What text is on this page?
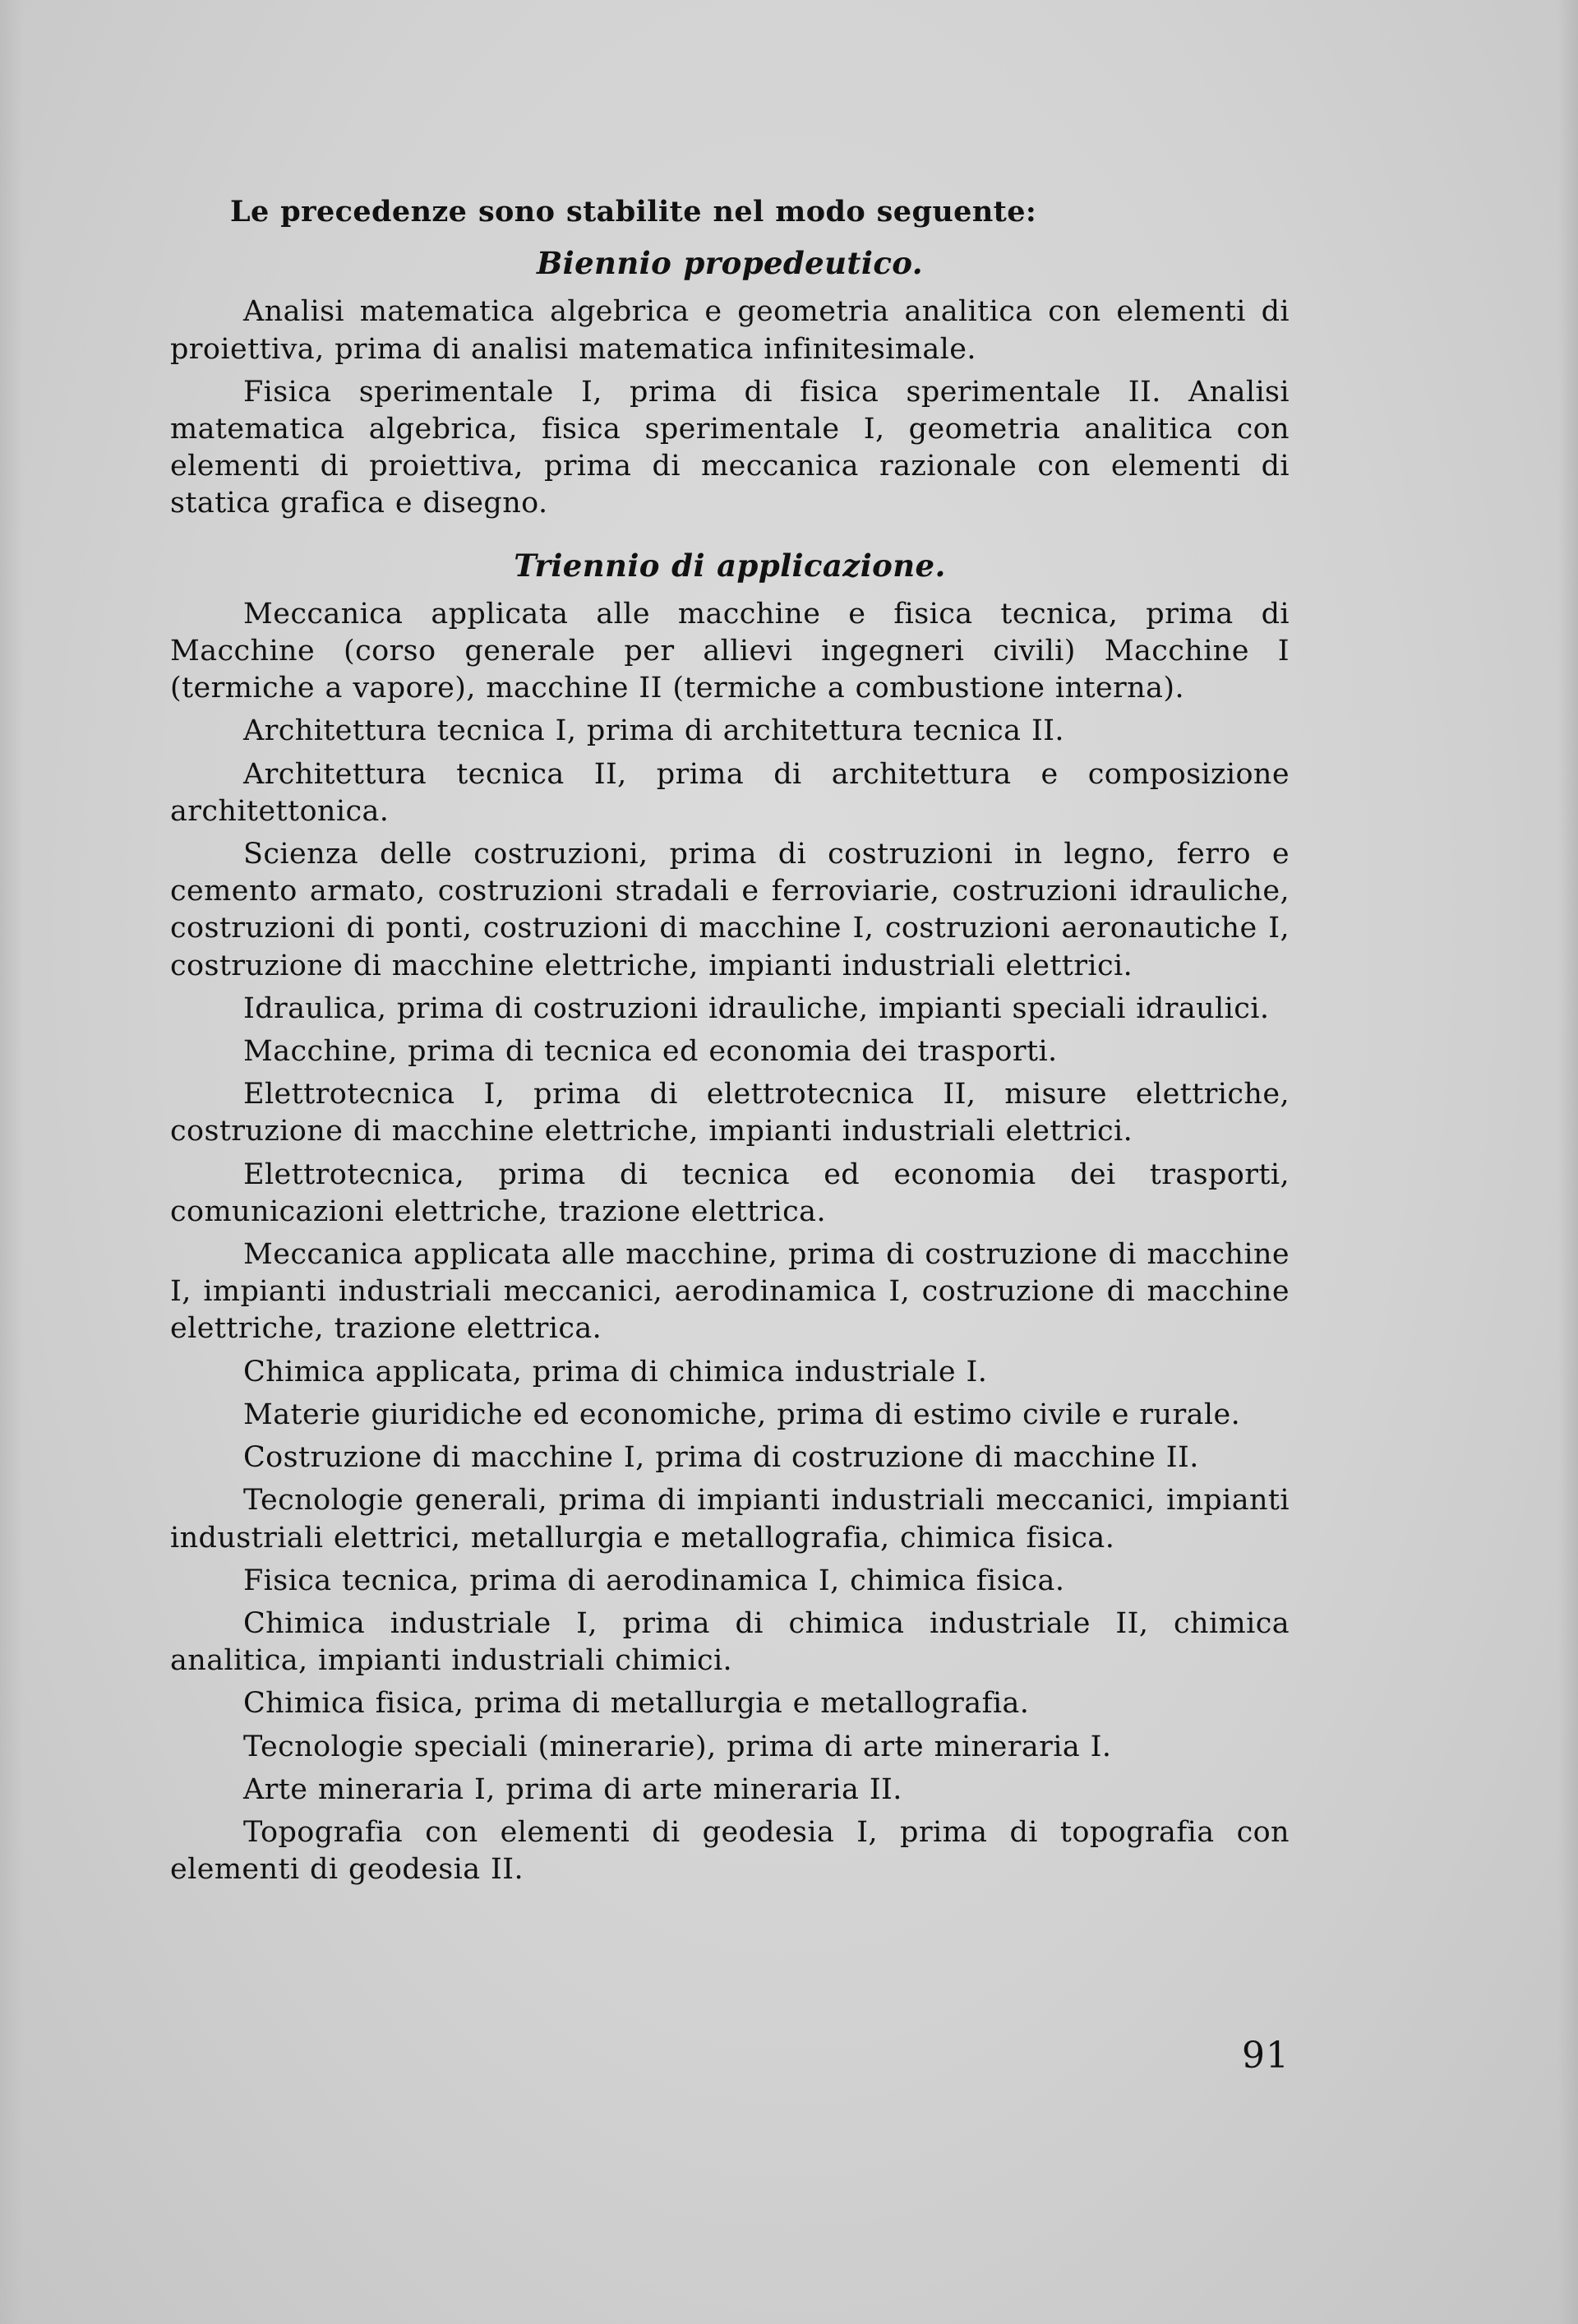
Le precedenze sono stabilite nel modo seguente:

Biennio propedeutico.

Analisi matematica algebrica e geometria analitica con elementi di proiettiva, prima di analisi matematica infinitesimale.

Fisica sperimentale I, prima di fisica sperimentale II. Analisi matematica algebrica, fisica sperimentale I, geometria analitica con elementi di proiettiva, prima di meccanica razionale con elementi di statica grafica e disegno.

Triennio di applicazione.

Meccanica applicata alle macchine e fisica tecnica, prima di Macchine (corso generale per allievi ingegneri civili) Macchine I (termiche a vapore), macchine II (termiche a combustione interna).

Architettura tecnica I, prima di architettura tecnica II.

Architettura tecnica II, prima di architettura e composizione architettonica.

Scienza delle costruzioni, prima di costruzioni in legno, ferro e cemento armato, costruzioni stradali e ferroviarie, costruzioni idrauliche, costruzioni di ponti, costruzioni di macchine I, costruzioni aeronautiche I, costruzione di macchine elettriche, impianti industriali elettrici.

Idraulica, prima di costruzioni idrauliche, impianti speciali idraulici.

Macchine, prima di tecnica ed economia dei trasporti.

Elettrotecnica I, prima di elettrotecnica II, misure elettriche, costruzione di macchine elettriche, impianti industriali elettrici.

Elettrotecnica, prima di tecnica ed economia dei trasporti, comunicazioni elettriche, trazione elettrica.

Meccanica applicata alle macchine, prima di costruzione di macchine I, impianti industriali meccanici, aerodinamica I, costruzione di macchine elettriche, trazione elettrica.

Chimica applicata, prima di chimica industriale I.

Materie giuridiche ed economiche, prima di estimo civile e rurale.

Costruzione di macchine I, prima di costruzione di macchine II.

Tecnologie generali, prima di impianti industriali meccanici, impianti industriali elettrici, metallurgia e metallografia, chimica fisica.

Fisica tecnica, prima di aerodinamica I, chimica fisica.

Chimica industriale I, prima di chimica industriale II, chimica analitica, impianti industriali chimici.

Chimica fisica, prima di metallurgia e metallografia.

Tecnologie speciali (minerarie), prima di arte mineraria I.

Arte mineraria I, prima di arte mineraria II.

Topografia con elementi di geodesia I, prima di topografia con elementi di geodesia II.

91
